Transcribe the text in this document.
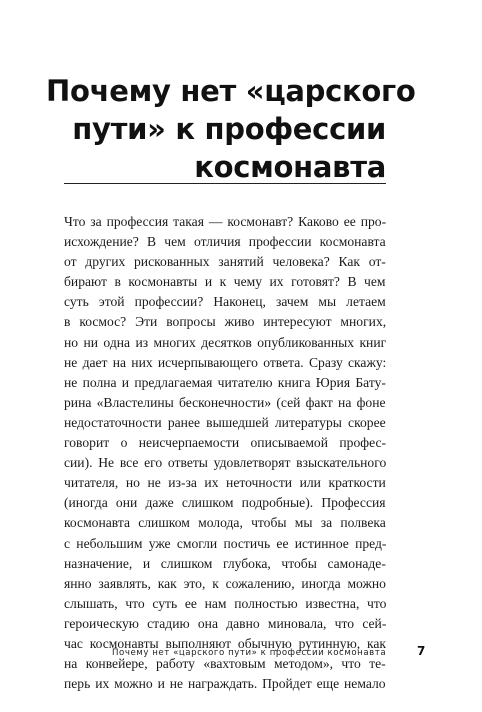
Почему нет «царского
пути» к профессии
космонавта
Что за профессия такая — космонавт? Каково ее про-
исхождение? В чем отличия профессии космонавта
от других рискованных занятий человека? Как от-
бирают в космонавты и к чему их готовят? В чем
суть этой профессии? Наконец, зачем мы летаем
в космос? Эти вопросы живо интересуют многих,
но ни одна из многих десятков опубликованных книг
не дает на них исчерпывающего ответа. Сразу скажу:
не полна и предлагаемая читателю книга Юрия Бату-
рина «Властелины бесконечности» (сей факт на фоне
недостаточности ранее вышедшей литературы скорее
говорит о неисчерпаемости описываемой профес-
сии). Не все его ответы удовлетворят взыскательного
читателя, но не из-за их неточности или краткости
(иногда они даже слишком подробные). Профессия
космонавта слишком молода, чтобы мы за полвека
с небольшим уже смогли постичь ее истинное пред-
назначение, и слишком глубока, чтобы самонаде-
янно заявлять, как это, к сожалению, иногда можно
слышать, что суть ее нам полностью известна, что
героическую стадию она давно миновала, что сей-
час космонавты выполняют обычную рутинную, как
на конвейере, работу «вахтовым методом», что те-
перь их можно и не награждать. Пройдет еще немало
Почему нет «царского пути» к профессии космонавта	7
